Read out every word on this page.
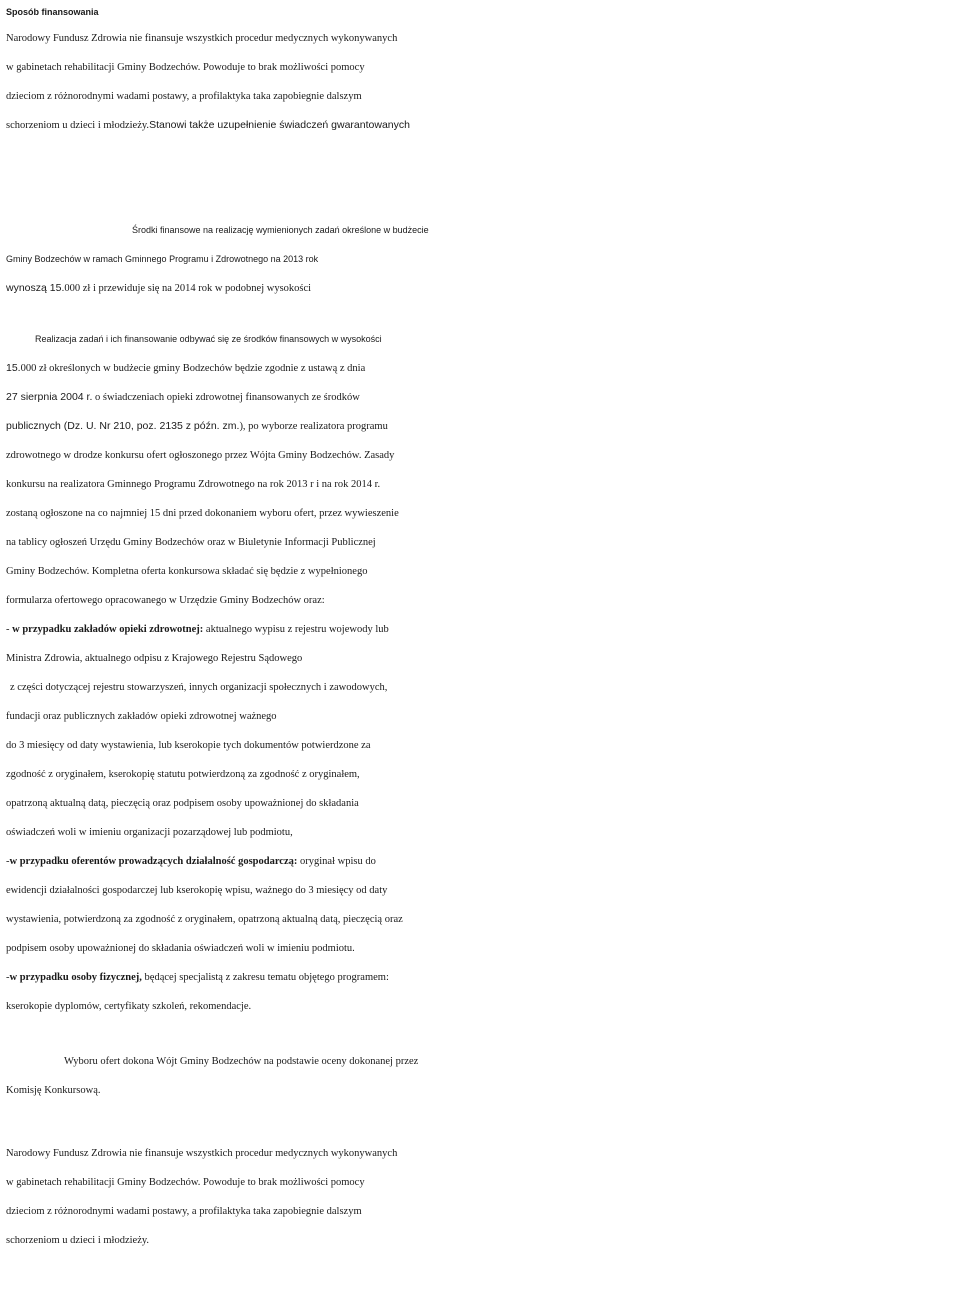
Sposób finansowania
Narodowy Fundusz Zdrowia nie finansuje wszystkich procedur medycznych wykonywanych
w gabinetach rehabilitacji Gminy Bodzechów. Powoduje to brak możliwości pomocy
dzieciom z różnorodnymi wadami postawy, a profilaktyka taka zapobiegnie dalszym
schorzeniom u dzieci i młodzieży.Stanowi także uzupełnienie świadczeń gwarantowanych
Środki finansowe na realizację wymienionych zadań określone w budżecie
Gminy Bodzechów w ramach Gminnego Programu i Zdrowotnego na 2013 rok
wynoszą 15.000 zł i przewiduje się na 2014 rok w podobnej wysokości
Realizacja zadań i ich finansowanie odbywać się ze środków finansowych w wysokości
15.000 zł określonych w budżecie gminy Bodzechów będzie zgodnie z ustawą z dnia
27 sierpnia 2004 r. o świadczeniach opieki zdrowotnej finansowanych ze środków
publicznych (Dz. U. Nr 210, poz. 2135 z późn. zm.), po wyborze realizatora programu
zdrowotnego w drodze konkursu ofert ogłoszonego przez Wójta Gminy Bodzechów. Zasady
konkursu na realizatora Gminnego Programu Zdrowotnego na rok 2013 r i na rok 2014 r.
zostaną ogłoszone na co najmniej 15 dni przed dokonaniem wyboru ofert, przez wywieszenie
na tablicy ogłoszeń Urzędu Gminy Bodzechów oraz w Biuletynie Informacji Publicznej
Gminy Bodzechów. Kompletna oferta konkursowa składać się będzie z wypełnionego
formularza ofertowego opracowanego w Urzędzie Gminy Bodzechów oraz:
- w przypadku zakładów opieki zdrowotnej: aktualnego wypisu z rejestru wojewody lub
Ministra Zdrowia, aktualnego odpisu z Krajowego Rejestru Sądowego
z części dotyczącej rejestru stowarzyszeń, innych organizacji społecznych i zawodowych,
fundacji oraz publicznych zakładów opieki zdrowotnej ważnego
do 3 miesięcy od daty wystawienia, lub kserokopie tych dokumentów potwierdzone za
zgodność z oryginałem, kserokopię statutu potwierdzoną za zgodność z oryginałem,
opatrzoną aktualną datą, pieczęcią oraz podpisem osoby upoważnionej do składania
oświadczeń woli w imieniu organizacji pozarządowej lub podmiotu,
-w przypadku oferentów prowadzących działalność gospodarczą: oryginał wpisu do
ewidencji działalności gospodarczej lub kserokopię wpisu, ważnego do 3 miesięcy od daty
wystawienia, potwierdzoną za zgodność z oryginałem, opatrzoną aktualną datą, pieczęcią oraz
podpisem osoby upoważnionej do składania oświadczeń woli w imieniu podmiotu.
-w przypadku osoby fizycznej, będącej specjalistą z zakresu tematu objętego programem:
kserokopie dyplomów, certyfikaty szkoleń, rekomendacje.
Wyboru ofert dokona Wójt Gminy Bodzechów na podstawie oceny dokonanej przez
Komisję Konkursową.
Narodowy Fundusz Zdrowia nie finansuje wszystkich procedur medycznych wykonywanych
w gabinetach rehabilitacji Gminy Bodzechów. Powoduje to brak możliwości pomocy
dzieciom z różnorodnymi wadami postawy, a profilaktyka taka zapobiegnie dalszym
schorzeniom u dzieci i młodzieży.
